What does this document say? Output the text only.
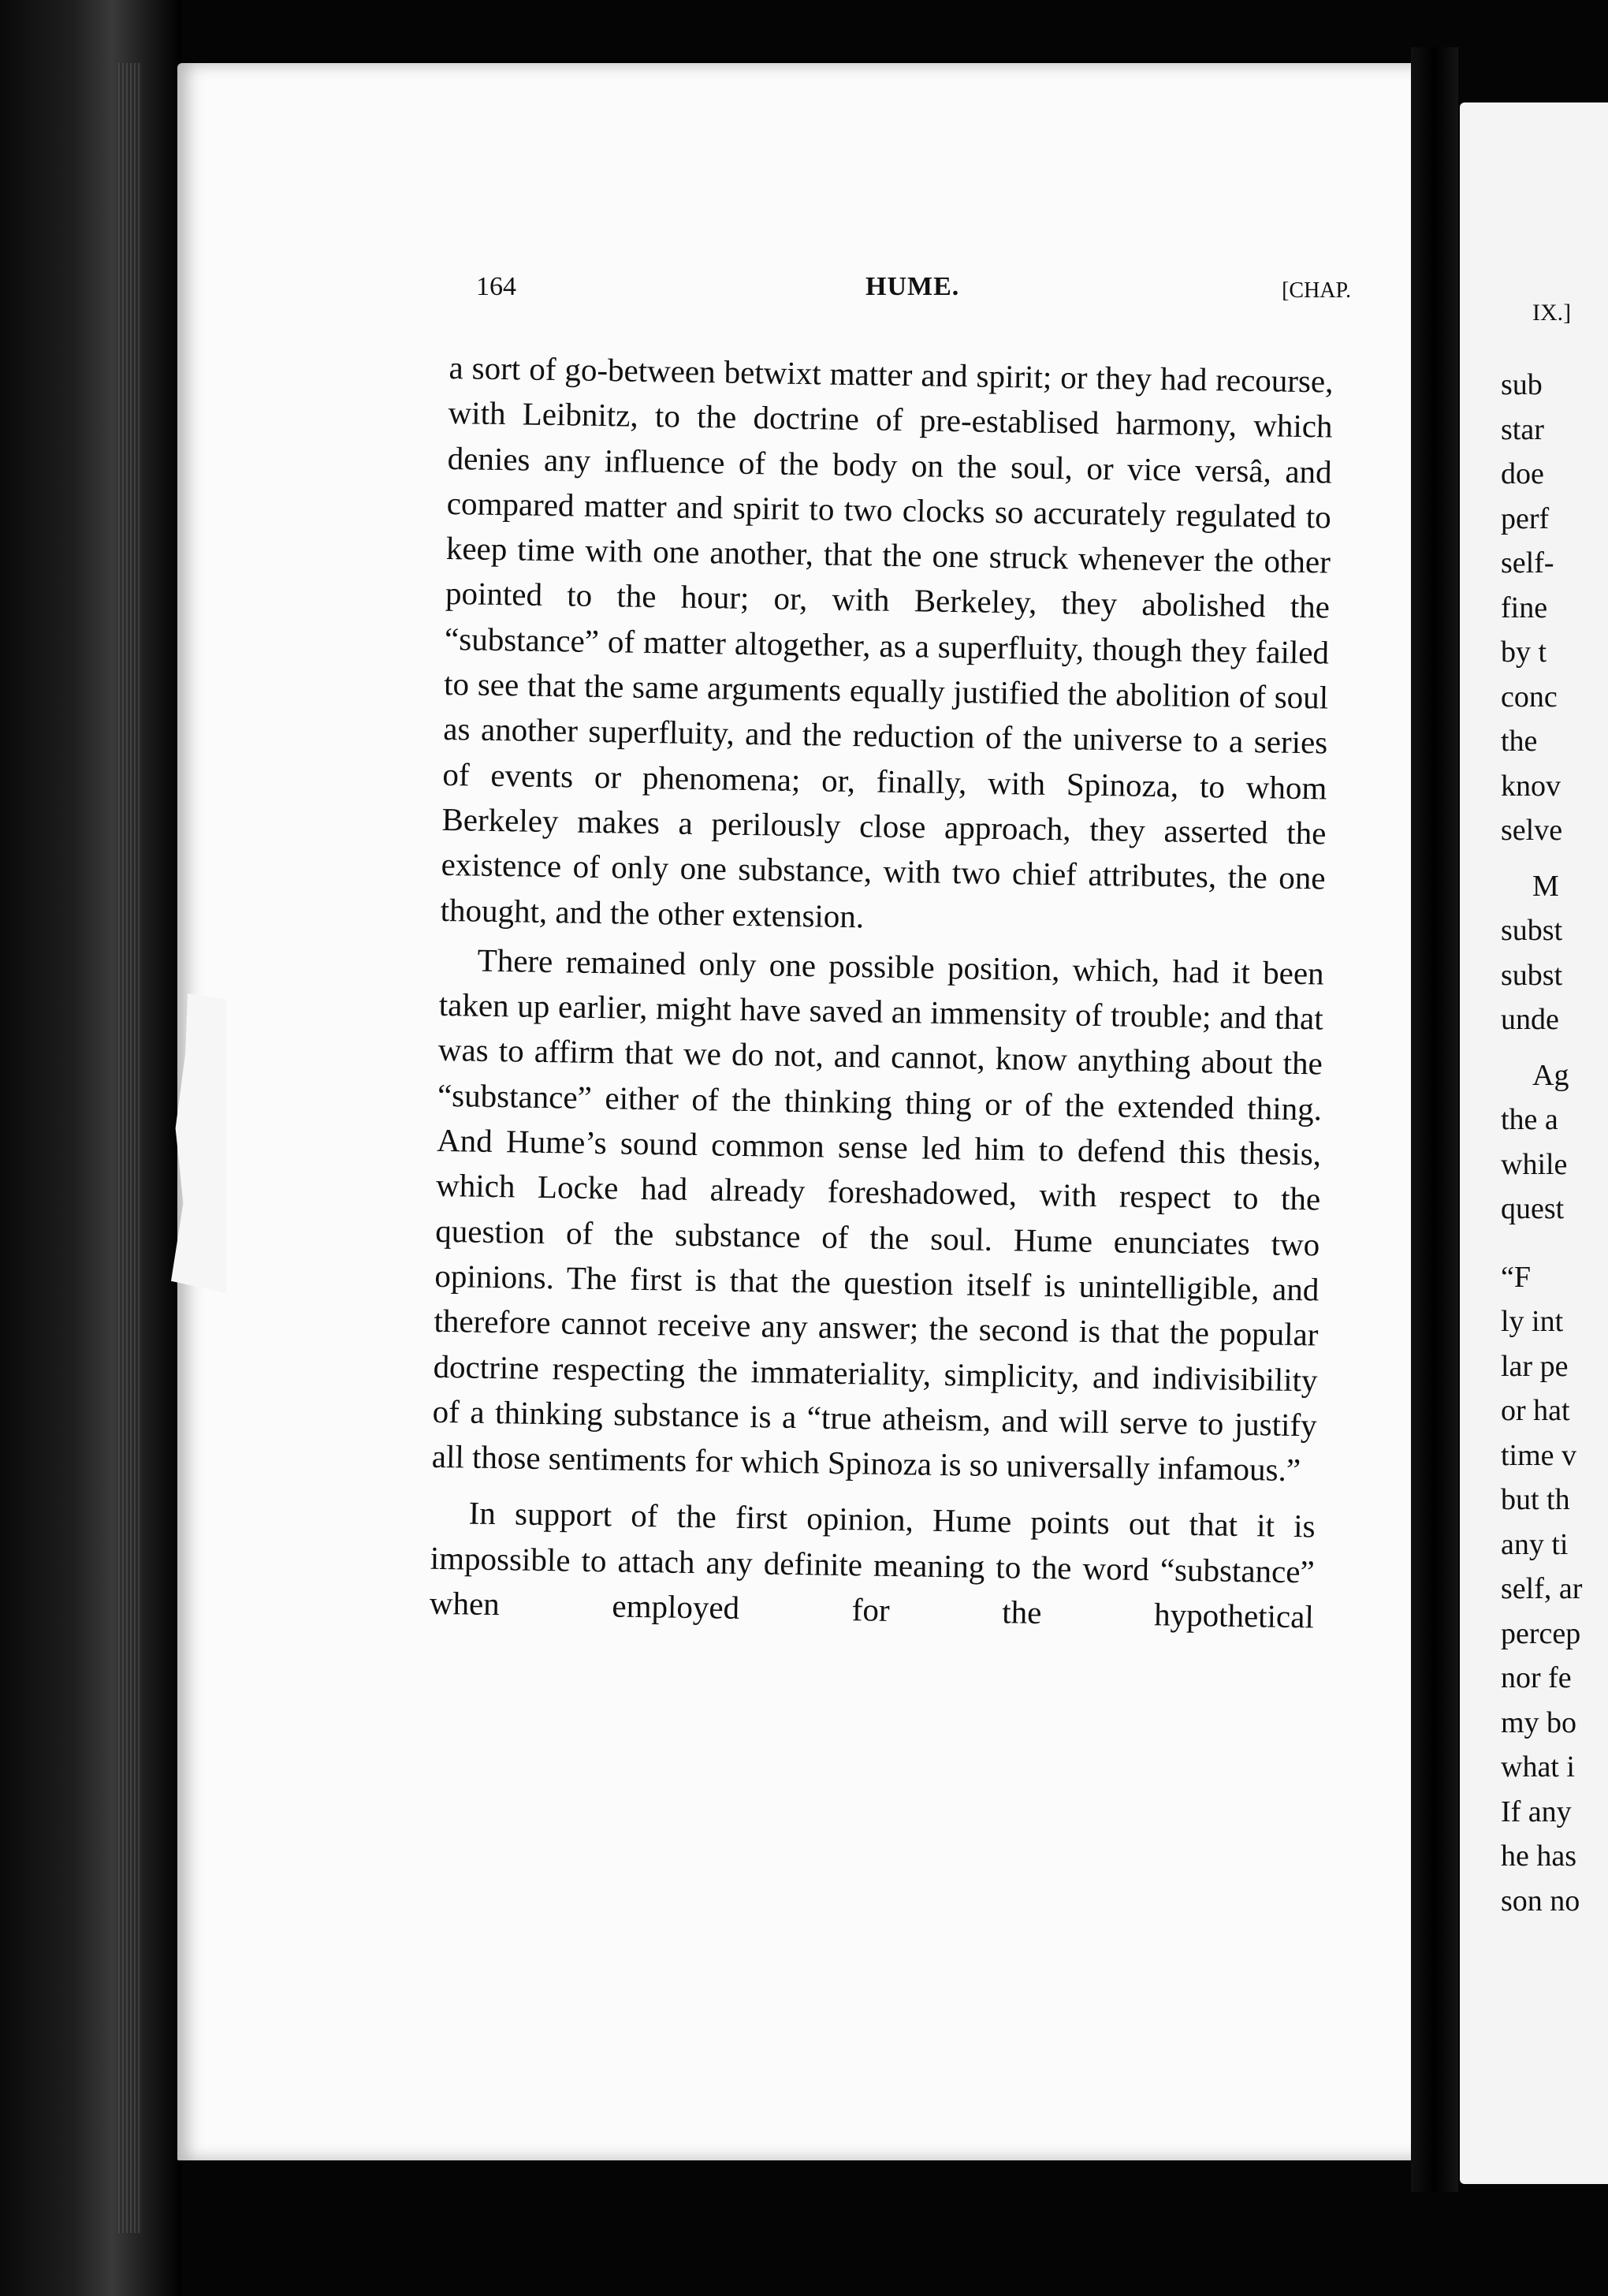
164	HUME.	[CHAP.

a sort of go-between betwixt matter and spirit; or they had recourse, with Leibnitz, to the doctrine of pre-establised harmony, which denies any influence of the body on the soul, or vice versâ, and compared matter and spirit to two clocks so accurately regulated to keep time with one another, that the one struck whenever the other pointed to the hour; or, with Berkeley, they abolished the “substance” of matter altogether, as a superfluity, though they failed to see that the same arguments equally justified the abolition of soul as another superfluity, and the reduction of the universe to a series of events or phenomena; or, finally, with Spinoza, to whom Berkeley makes a perilously close approach, they asserted the existence of only one substance, with two chief attributes, the one thought, and the other extension.

There remained only one possible position, which, had it been taken up earlier, might have saved an immensity of trouble; and that was to affirm that we do not, and cannot, know anything about the “substance” either of the thinking thing or of the extended thing. And Hume’s sound common sense led him to defend this thesis, which Locke had already foreshadowed, with respect to the question of the substance of the soul. Hume enunciates two opinions. The first is that the question itself is unintelligible, and therefore cannot receive any answer; the second is that the popular doctrine respecting the immateriality, simplicity, and indivisibility of a thinking substance is a “true atheism, and will serve to justify all those sentiments for which Spinoza is so universally infamous.”

In support of the first opinion, Hume points out that it is impossible to attach any definite meaning to the word “substance” when employed for the hypothetical

IX.]
sub
star
doe
perf
self-
fine
by t
conc
the
knov
selve
M
subst
subst
unde
Ag
the a
while
quest
“F
ly int
lar pe
or hat
time v
but th
any ti
self, ar
percep
nor fe
my bo
what i
If any
he has
son no
